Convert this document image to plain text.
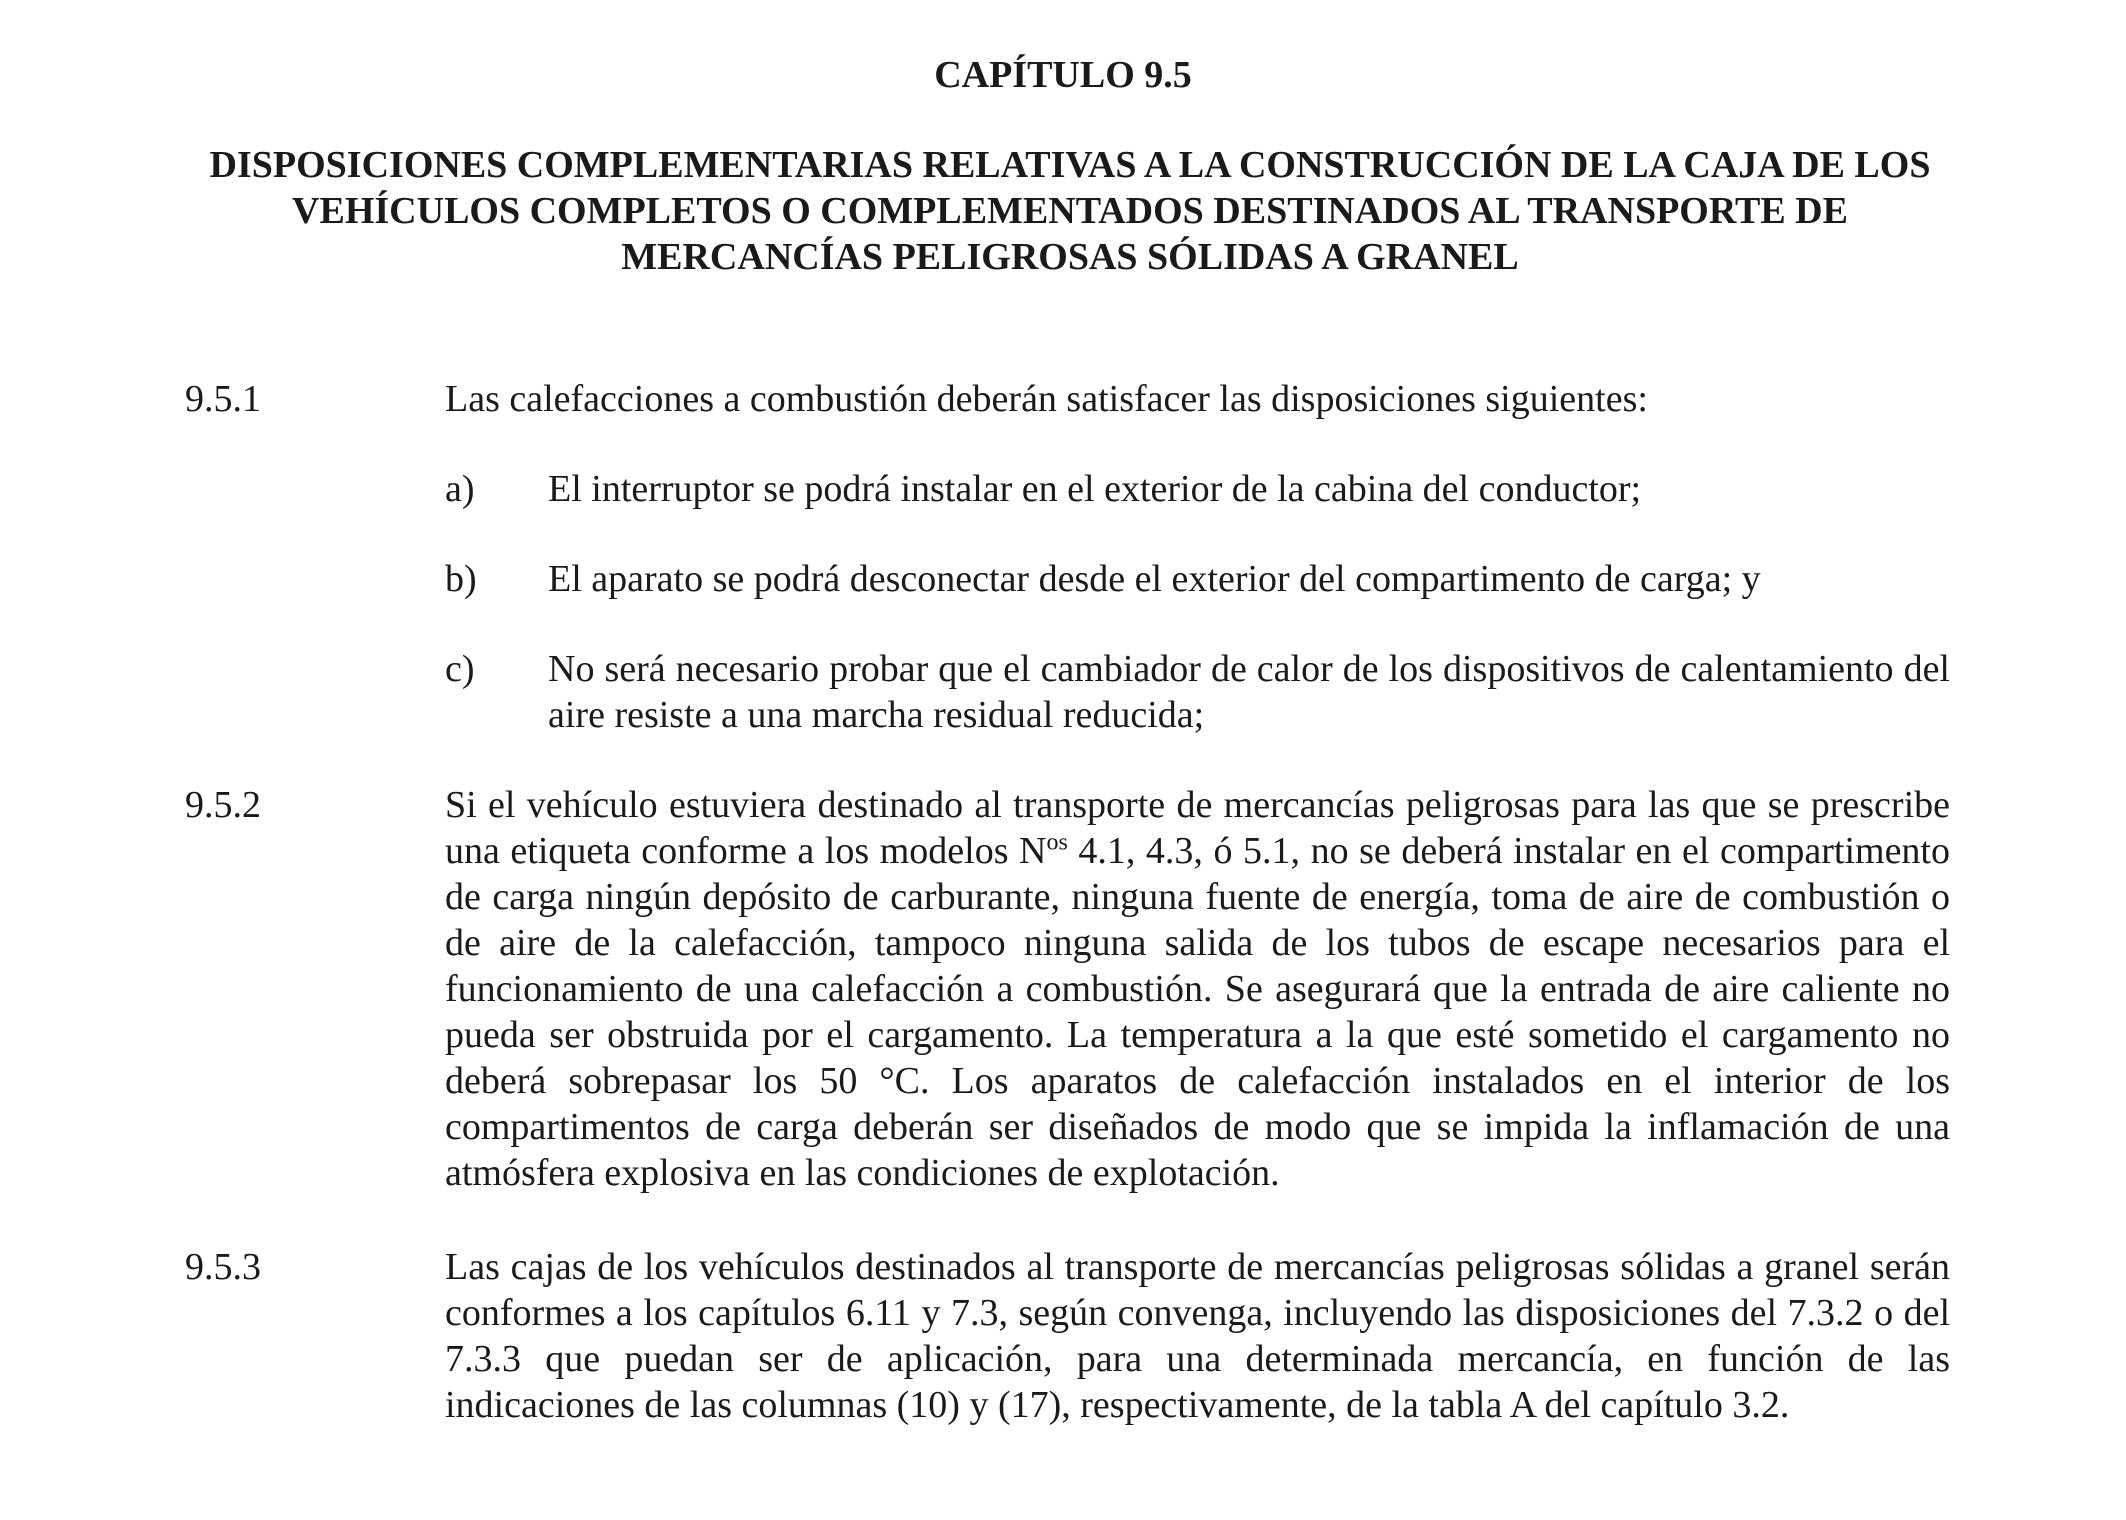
CAPÍTULO 9.5
DISPOSICIONES COMPLEMENTARIAS RELATIVAS A LA CONSTRUCCIÓN DE LA CAJA DE LOS VEHÍCULOS COMPLETOS O COMPLEMENTADOS DESTINADOS AL TRANSPORTE DE MERCANCÍAS PELIGROSAS SÓLIDAS A GRANEL

9.5.1	Las calefacciones a combustión deberán satisfacer las disposiciones siguientes:

a) El interruptor se podrá instalar en el exterior de la cabina del conductor;

b) El aparato se podrá desconectar desde el exterior del compartimento de carga; y

c) No será necesario probar que el cambiador de calor de los dispositivos de calentamiento del aire resiste a una marcha residual reducida;

9.5.2	Si el vehículo estuviera destinado al transporte de mercancías peligrosas para las que se prescribe una etiqueta conforme a los modelos $N^{os}$ 4.1, 4.3, ó 5.1, no se deberá instalar en el compartimento de carga ningún depósito de carburante, ninguna fuente de energía, toma de aire de combustión o de aire de la calefacción, tampoco ninguna salida de los tubos de escape necesarios para el funcionamiento de una calefacción a combustión. Se asegurará que la entrada de aire caliente no pueda ser obstruida por el cargamento. La temperatura a la que esté sometido el cargamento no deberá sobrepasar los 50 °C. Los aparatos de calefacción instalados en el interior de los compartimentos de carga deberán ser diseñados de modo que se impida la inflamación de una atmósfera explosiva en las condiciones de explotación.

9.5.3	Las cajas de los vehículos destinados al transporte de mercancías peligrosas sólidas a granel serán conformes a los capítulos 6.11 y 7.3, según convenga, incluyendo las disposiciones del 7.3.2 o del 7.3.3 que puedan ser de aplicación, para una determinada mercancía, en función de las indicaciones de las columnas (10) y (17), respectivamente, de la tabla A del capítulo 3.2.
